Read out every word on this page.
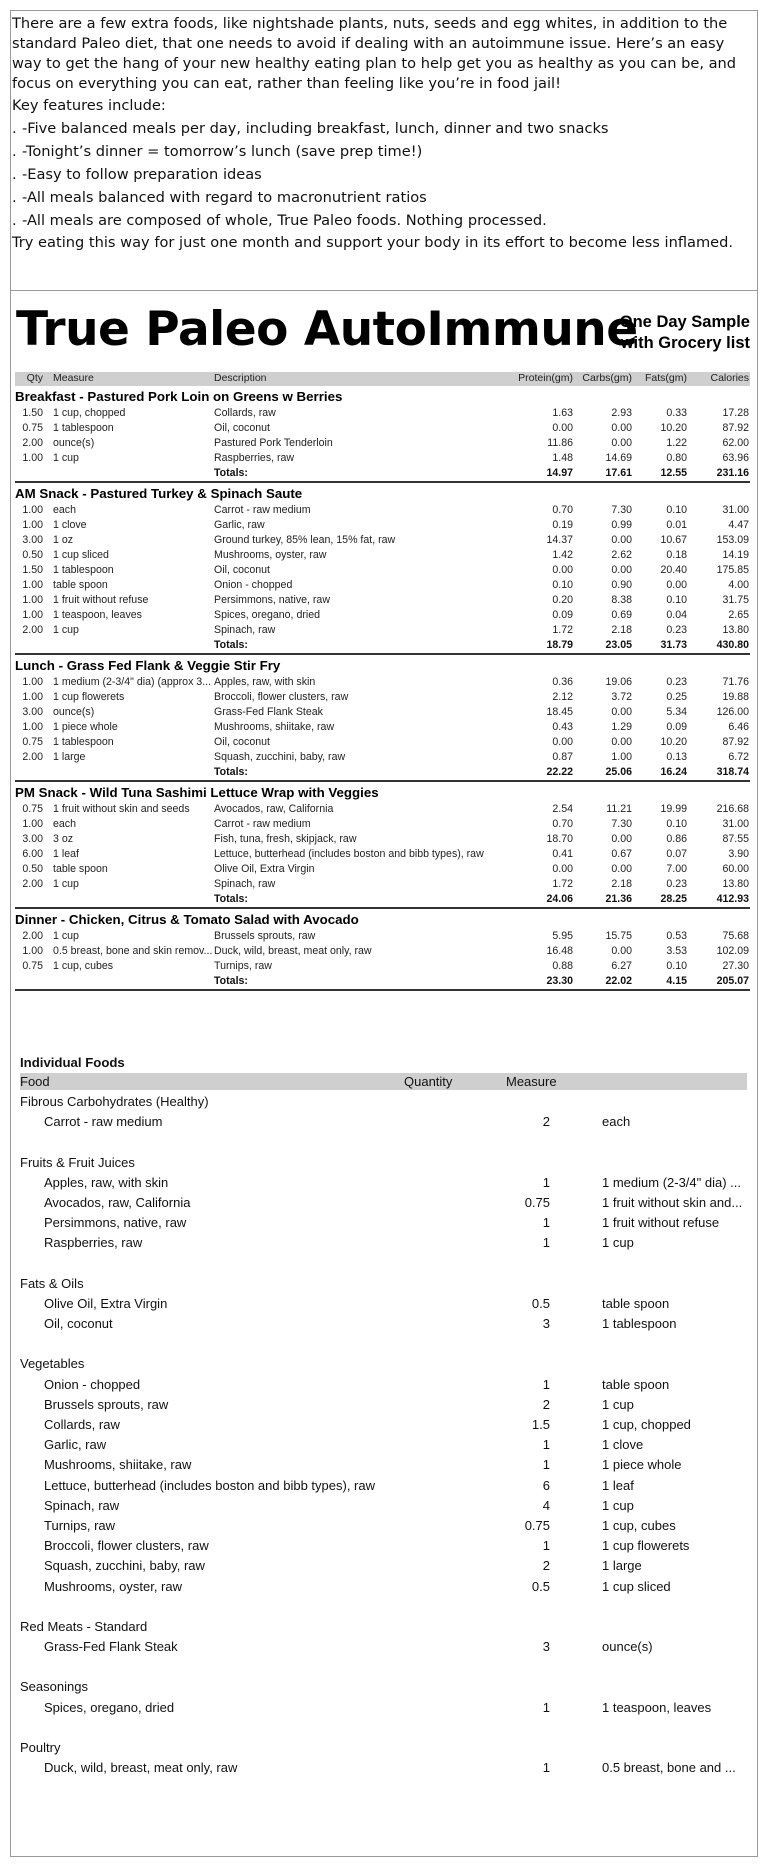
There are a few extra foods, like nightshade plants, nuts, seeds and egg whites, in addition to the standard Paleo diet, that one needs to avoid if dealing with an autoimmune issue. Here’s an easy way to get the hang of your new healthy eating plan to help get you as healthy as you can be, and focus on everything you can eat, rather than feeling like you’re in food jail!

Key features include:

. -Five balanced meals per day, including breakfast, lunch, dinner and two snacks
. -Tonight’s dinner = tomorrow’s lunch (save prep time!)
. -Easy to follow preparation ideas
. -All meals balanced with regard to macronutrient ratios
. -All meals are composed of whole, True Paleo foods. Nothing processed.

Try eating this way for just one month and support your body in its effort to become less inflamed.

True Paleo AutoImmune
One Day Sample
with Grocery list
Qty Measure	Description	Protein(gm) Carbs(gm)	Fats(gm)	Calories
Breakfast - Pastured Pork Loin on Greens w Berries
1.50 1 cup, chopped	Collards, raw	1.63	2.93	0.33	17.28
0.75 1 tablespoon	Oil, coconut	0.00	0.00	10.20	87.92
2.00 ounce(s)	Pastured Pork Tenderloin	11.86	0.00	1.22	62.00
1.00 1 cup	Raspberries, raw	1.48	14.69	0.80	63.96
Totals:	14.97	17.61	12.55	231.16
AM Snack - Pastured Turkey & Spinach Saute
1.00 each	Carrot - raw medium	0.70	7.30	0.10	31.00
1.00 1 clove	Garlic, raw	0.19	0.99	0.01	4.47
3.00 1 oz	Ground turkey, 85% lean, 15% fat, raw	14.37	0.00	10.67	153.09
0.50 1 cup sliced	Mushrooms, oyster, raw	1.42	2.62	0.18	14.19
1.50 1 tablespoon	Oil, coconut	0.00	0.00	20.40	175.85
1.00 table spoon	Onion - chopped	0.10	0.90	0.00	4.00
1.00 1 fruit without refuse	Persimmons, native, raw	0.20	8.38	0.10	31.75
1.00 1 teaspoon, leaves	Spices, oregano, dried	0.09	0.69	0.04	2.65
2.00 1 cup	Spinach, raw	1.72	2.18	0.23	13.80
Totals:	18.79	23.05	31.73	430.80
Lunch - Grass Fed Flank & Veggie Stir Fry
1.00 1 medium (2-3/4" dia) (approx 3... Apples, raw, with skin	0.36	19.06	0.23	71.76
1.00 1 cup flowerets	Broccoli, flower clusters, raw	2.12	3.72	0.25	19.88
3.00 ounce(s)	Grass-Fed Flank Steak	18.45	0.00	5.34	126.00
1.00 1 piece whole	Mushrooms, shiitake, raw	0.43	1.29	0.09	6.46
0.75 1 tablespoon	Oil, coconut	0.00	0.00	10.20	87.92
2.00 1 large	Squash, zucchini, baby, raw	0.87	1.00	0.13	6.72
Totals:	22.22	25.06	16.24	318.74
PM Snack - Wild Tuna Sashimi Lettuce Wrap with Veggies
0.75 1 fruit without skin and seeds	Avocados, raw, California	2.54	11.21	19.99	216.68
1.00 each	Carrot - raw medium	0.70	7.30	0.10	31.00
3.00 3 oz	Fish, tuna, fresh, skipjack, raw	18.70	0.00	0.86	87.55
6.00 1 leaf	Lettuce, butterhead (includes boston and bibb types), raw	0.41	0.67	0.07	3.90
0.50 table spoon	Olive Oil, Extra Virgin	0.00	0.00	7.00	60.00
2.00 1 cup	Spinach, raw	1.72	2.18	0.23	13.80
Totals:	24.06	21.36	28.25	412.93
Dinner - Chicken, Citrus & Tomato Salad with Avocado
2.00 1 cup	Brussels sprouts, raw	5.95	15.75	0.53	75.68
1.00 0.5 breast, bone and skin remov... Duck, wild, breast, meat only, raw	16.48	0.00	3.53	102.09
0.75 1 cup, cubes	Turnips, raw	0.88	6.27	0.10	27.30
Totals:	23.30	22.02	4.15	205.07
Individual Foods
Food	Quantity	Measure
Fibrous Carbohydrates (Healthy)
Carrot - raw medium	2	each
Fruits & Fruit Juices
Apples, raw, with skin	1	1 medium (2-3/4" dia) ...
Avocados, raw, California	0.75	1 fruit without skin and...
Persimmons, native, raw	1	1 fruit without refuse
Raspberries, raw	1	1 cup
Fats & Oils
Olive Oil, Extra Virgin	0.5	table spoon
Oil, coconut	3	1 tablespoon
Vegetables
Onion - chopped	1	table spoon
Brussels sprouts, raw	2	1 cup
Collards, raw	1.5	1 cup, chopped
Garlic, raw	1	1 clove
Mushrooms, shiitake, raw	1	1 piece whole
Lettuce, butterhead (includes boston and bibb types), raw	6	1 leaf
Spinach, raw	4	1 cup
Turnips, raw	0.75	1 cup, cubes
Broccoli, flower clusters, raw	1	1 cup flowerets
Squash, zucchini, baby, raw	2	1 large
Mushrooms, oyster, raw	0.5	1 cup sliced
Red Meats - Standard
Grass-Fed Flank Steak	3	ounce(s)
Seasonings
Spices, oregano, dried	1	1 teaspoon, leaves
Poultry
Duck, wild, breast, meat only, raw	1	0.5 breast, bone and ...
